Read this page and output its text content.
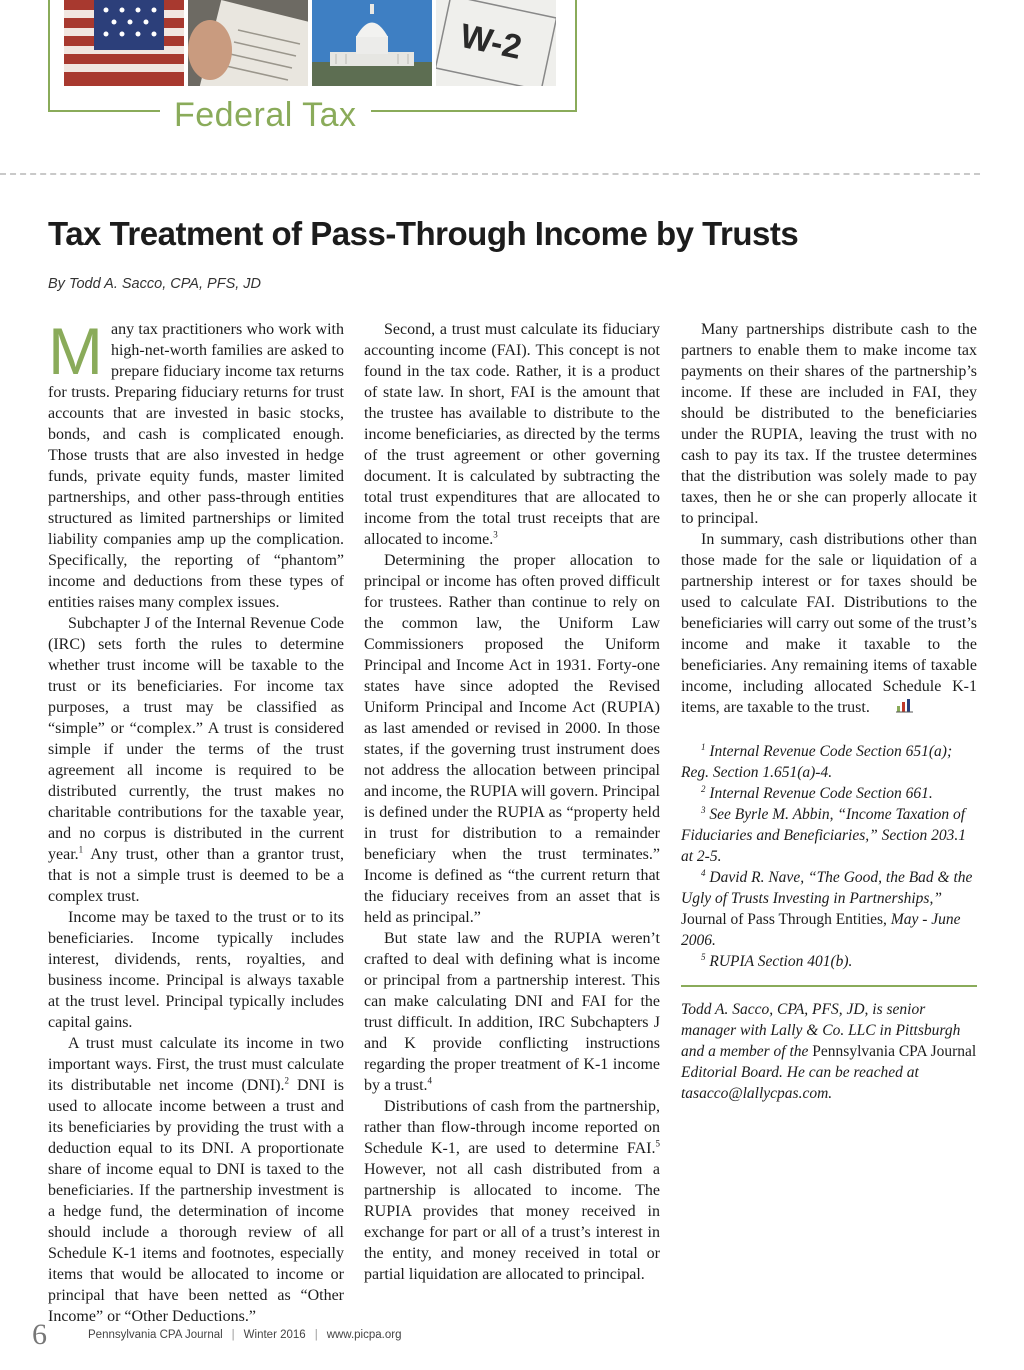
W-2
Federal Tax
Tax Treatment of Pass-Through Income by Trusts
By Todd A. Sacco, CPA, PFS, JD

Many tax practitioners who work with high-net-worth families are asked to prepare fiduciary income tax returns for trusts. Preparing fiduciary returns for trust accounts that are invested in basic stocks, bonds, and cash is complicated enough. Those trusts that are also invested in hedge funds, private equity funds, master limited partnerships, and other pass-through entities structured as limited partnerships or limited liability companies amp up the complication. Specifically, the reporting of “phantom” income and deductions from these types of entities raises many complex issues.

Subchapter J of the Internal Revenue Code (IRC) sets forth the rules to determine whether trust income will be taxable to the trust or its beneficiaries. For income tax purposes, a trust may be classified as “simple” or “complex.” A trust is considered simple if under the terms of the trust agreement all income is required to be distributed currently, the trust makes no charitable contributions for the taxable year, and no corpus is distributed in the current year.$^1$ Any trust, other than a grantor trust, that is not a simple trust is deemed to be a complex trust.

Income may be taxed to the trust or to its beneficiaries. Income typically includes interest, dividends, rents, royalties, and business income. Principal is always taxable at the trust level. Principal typically includes capital gains.

A trust must calculate its income in two important ways. First, the trust must calculate its distributable net income (DNI).$^2$ DNI is used to allocate income between a trust and its beneficiaries by providing the trust with a deduction equal to its DNI. A proportionate share of income equal to DNI is taxed to the beneficiaries. If the partnership investment is a hedge fund, the determination of income should include a thorough review of all Schedule K-1 items and footnotes, especially items that would be allocated to income or principal that have been netted as “Other Income” or “Other Deductions.”

Second, a trust must calculate its fiduciary accounting income (FAI). This concept is not found in the tax code. Rather, it is a product of state law. In short, FAI is the amount that the trustee has available to distribute to the income beneficiaries, as directed by the terms of the trust agreement or other governing document. It is calculated by subtracting the total trust expenditures that are allocated to income from the total trust receipts that are allocated to income.$^3$

Determining the proper allocation to principal or income has often proved difficult for trustees. Rather than continue to rely on the common law, the Uniform Law Commissioners proposed the Uniform Principal and Income Act in 1931. Forty-one states have since adopted the Revised Uniform Principal and Income Act (RUPIA) as last amended or revised in 2000. In those states, if the governing trust instrument does not address the allocation between principal and income, the RUPIA will govern. Principal is defined under the RUPIA as “property held in trust for distribution to a remainder beneficiary when the trust terminates.” Income is defined as “the current return that the fiduciary receives from an asset that is held as principal.”

But state law and the RUPIA weren’t crafted to deal with defining what is income or principal from a partnership interest. This can make calculating DNI and FAI for the trust difficult. In addition, IRC Subchapters J and K provide conflicting instructions regarding the proper treatment of K-1 income by a trust.$^4$

Distributions of cash from the partnership, rather than flow-through income reported on Schedule K-1, are used to determine FAI.$^5$ However, not all cash distributed from a partnership is allocated to income. The RUPIA provides that money received in exchange for part or all of a trust’s interest in the entity, and money received in total or partial liquidation are allocated to principal.

Many partnerships distribute cash to the partners to enable them to make income tax payments on their shares of the partnership’s income. If these are included in FAI, they should be distributed to the beneficiaries under the RUPIA, leaving the trust with no cash to pay its tax. If the trustee determines that the distribution was solely made to pay taxes, then he or she can properly allocate it to principal.

In summary, cash distributions other than those made for the sale or liquidation of a partnership interest or for taxes should be used to calculate FAI. Distributions to the beneficiaries will carry out some of the trust’s income and make it taxable to the beneficiaries. Any remaining items of taxable income, including allocated Schedule K-1 items, are taxable to the trust.

$^1$ Internal Revenue Code Section 651(a); Reg. Section 1.651(a)-4.

$^2$ Internal Revenue Code Section 661.

$^3$ See Byrle M. Abbin, “Income Taxation of Fiduciaries and Beneficiaries,” Section 203.1 at 2-5.

$^4$ David R. Nave, “The Good, the Bad & the Ugly of Trusts Investing in Partnerships,” Journal of Pass Through Entities, May - June 2006.

$^5$ RUPIA Section 401(b).

Todd A. Sacco, CPA, PFS, JD, is senior manager with Lally & Co. LLC in Pittsburgh and a member of the Pennsylvania CPA Journal Editorial Board. He can be reached at tasacco@lallycpas.com.
6	Pennsylvania CPA Journal | Winter 2016 | www.picpa.org
